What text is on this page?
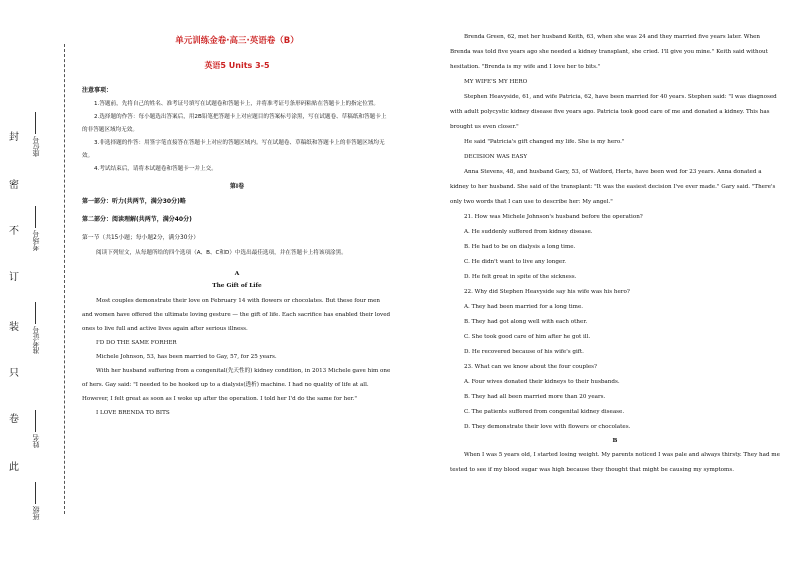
封
密
不
订
装
只
卷
此
座位号
考场号
准考证号
姓名
班级
单元训练金卷·高三·英语卷（B）
英语5 Units 3-5
注意事项：

1.答题前，先将自己的姓名、准考证号填写在试题卷和答题卡上，并将准考证号条形码粘贴在答题卡上的指定位置。

2.选择题的作答：每小题选出答案后，用2B铅笔把答题卡上对应题目的答案标号涂黑，写在试题卷、草稿纸和答题卡上的非答题区域均无效。

3.非选择题的作答：用签字笔直接答在答题卡上对应的答题区域内。写在试题卷、草稿纸和答题卡上的非答题区域均无效。

4.考试结束后，请将本试题卷和答题卡一并上交。

第Ⅰ卷
第一部分：听力(共两节，满分30分)略
第二部分：阅读理解(共两节，满分40分)
第一节（共15小题；每小题2分，满分30分）

阅读下列短文，从每题所给的四个选项（A、B、C和D）中选出最佳选项，并在答题卡上将该项涂黑。

A
The Gift of Life

Most couples demonstrate their love on February 14 with flowers or chocolates. But these four men and women have offered the ultimate loving gesture — the gift of life. Each sacrifice has enabled their loved ones to live full and active lives again after serious illness.

I'D DO THE SAME FORHER

Michele Johnson, 53, has been married to Gay, 57, for 25 years.

With her husband suffering from a congenital(先天性的) kidney condition, in 2013 Michele gave him one of hers. Gay said: "I needed to be hooked up to a dialysis(透析) machine. I had no quality of life at all. However, I felt great as soon as I woke up after the operation. I told her I'd do the same for her."

I LOVE BRENDA TO BITS

Brenda Green, 62, met her husband Keith, 63, when she was 24 and they married five years later. When Brenda was told five years ago she needed a kidney transplant, she cried. I'll give you mine." Keith said without hesitation. "Brenda is my wife and I love her to bits."

MY WIFE'S MY HERO

Stephen Heavyside, 61, and wife Patricia, 62, have been married for 40 years. Stephen said: "I was diagnosed with adult polycystic kidney disease five years ago. Patricia took good care of me and donated a kidney. This has brought us even closer."

He said "Patricia's gift changed my life. She is my hero."

DECISION WAS EASY

Anna Stevens, 48, and husband Gary, 53, of Watford, Herts, have been wed for 23 years. Anna donated a kidney to her husband. She said of the transplant: "It was the easiest decision I've ever made." Gary said. "There's only two words that I can use to describe her: My angel."

21. How was Michele Johnson's husband before the operation?

A. He suddenly suffered from kidney disease.

B. He had to be on dialysis a long time.

C. He didn't want to live any longer.

D. He felt great in spite of the sickness.

22. Why did Stephen Heavyside say his wife was his hero?

A. They had been married for a long time.

B. They had got along well with each other.

C. She took good care of him after he got ill.

D. He recovered because of his wife's gift.

23. What can we know about the four couples?

A. Four wives donated their kidneys to their husbands.

B. They had all been married more than 20 years.

C. The patients suffered from congenital kidney disease.

D. They demonstrate their love with flowers or chocolates.

B

When I was 5 years old, I started losing weight. My parents noticed I was pale and always thirsty. They had me tested to see if my blood sugar was high because they thought that might be causing my symptoms.
